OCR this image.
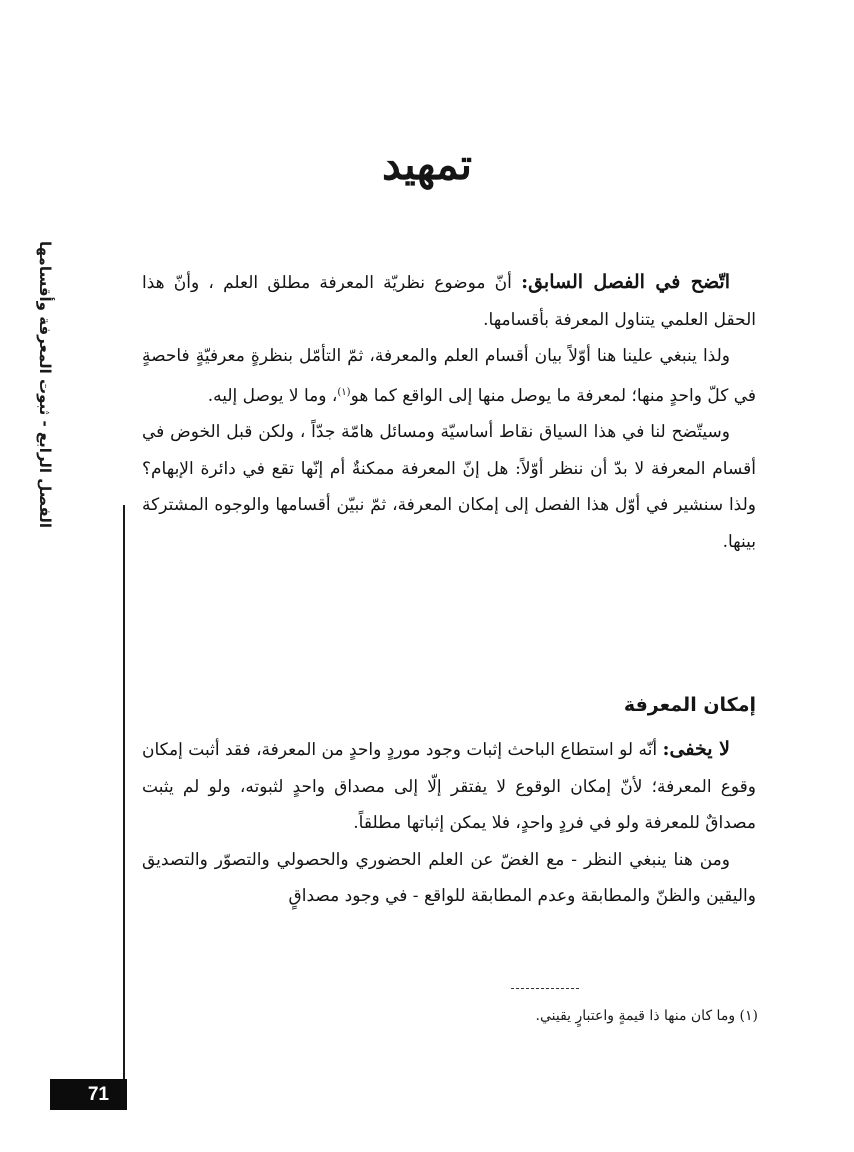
تمهيد
الفصل الرابع - ثبوت المعرفة وأقسامها	اتّضح في الفصل السابق: أنّ موضوع نظريّة المعرفة مطلق العلم ، وأنّ هذا الحقل العلمي يتناول المعرفة بأقسامها.

ولذا ينبغي علينا هنا أوّلاً بيان أقسام العلم والمعرفة، ثمّ التأمّل بنظرةٍ معرفيّةٍ فاحصةٍ في كلّ واحدٍ منها؛ لمعرفة ما يوصل منها إلى الواقع كما هو$^{(١)}$، وما لا يوصل إليه.

وسيتّضح لنا في هذا السياق نقاط أساسيّة ومسائل هامّة جدّاً ، ولكن قبل الخوض في أقسام المعرفة لا بدّ أن ننظر أوّلاً: هل إنّ المعرفة ممكنةٌ أم إنّها تقع في دائرة الإبهام؟ ولذا سنشير في أوّل هذا الفصل إلى إمكان المعرفة، ثمّ نبيّن أقسامها والوجوه المشتركة بينها.

إمكان المعرفة

لا يخفى: أنّه لو استطاع الباحث إثبات وجود موردٍ واحدٍ من المعرفة، فقد أثبت إمكان وقوع المعرفة؛ لأنّ إمكان الوقوع لا يفتقر إلّا إلى مصداق واحدٍ لثبوته، ولو لم يثبت مصداقٌ للمعرفة ولو في فردٍ واحدٍ، فلا يمكن إثباتها مطلقاً.

ومن هنا ينبغي النظر - مع الغضّ عن العلم الحضوري والحصولي والتصوّر والتصديق واليقين والظنّ والمطابقة وعدم المطابقة للواقع - في وجود مصداقٍ

(١) وما كان منها ذا قيمةٍ واعتبارٍ يقيني.
71
